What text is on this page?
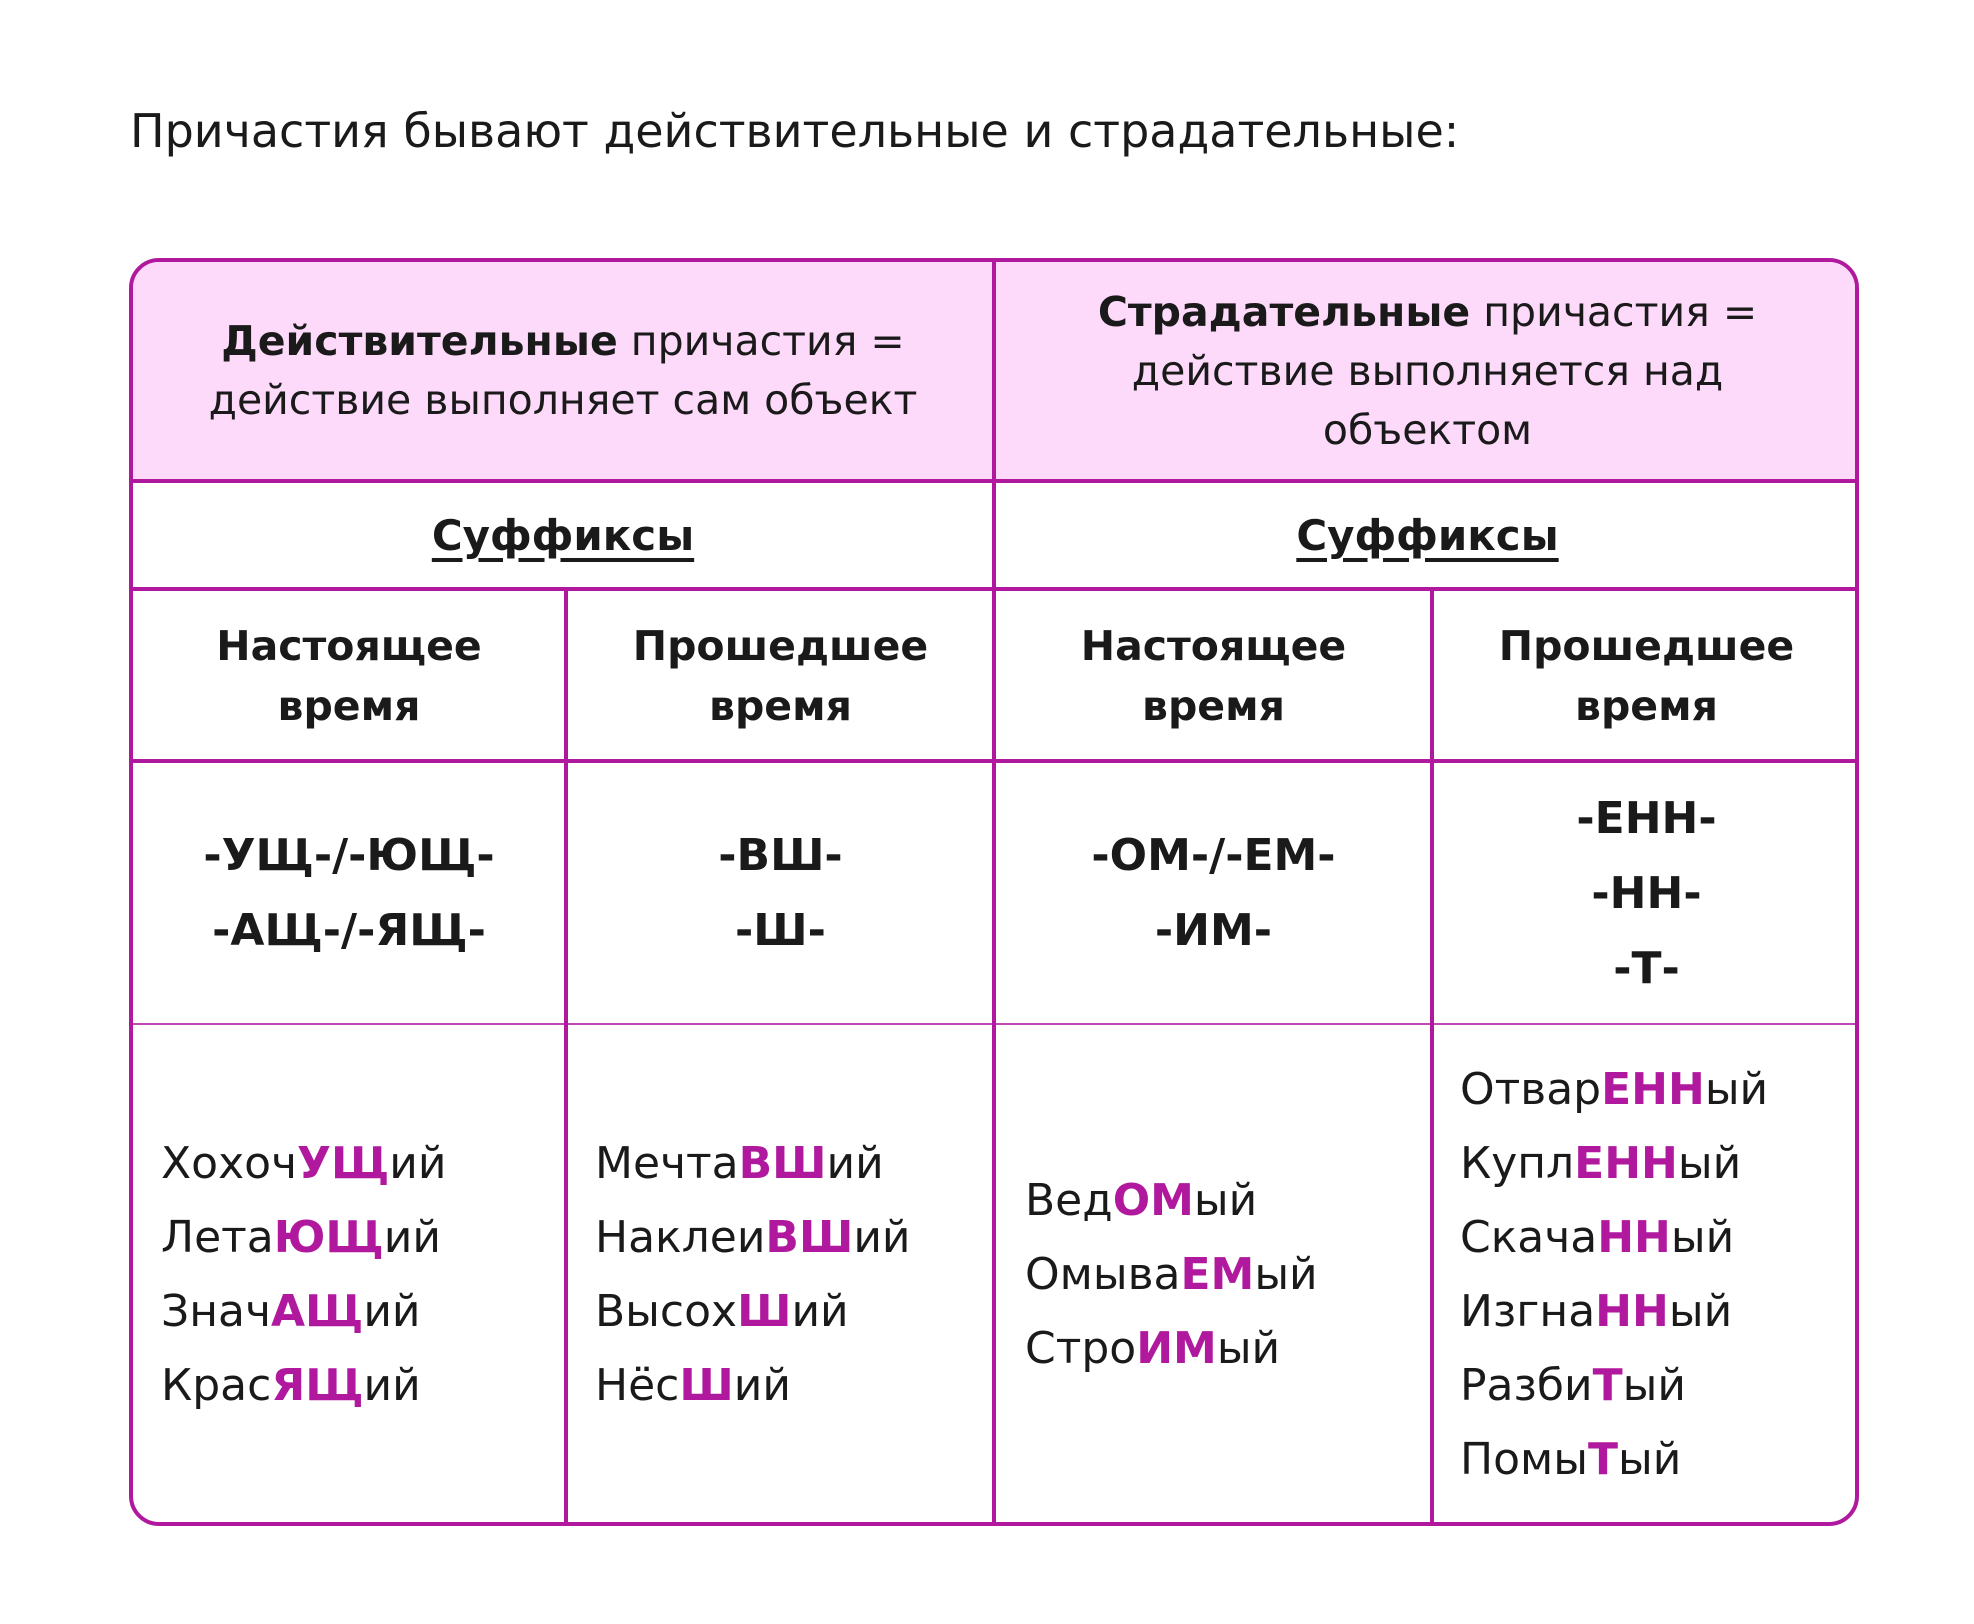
Причастия бывают действительные и страдательные:
Действительные причастия =
действие выполняет сам объект
Страдательные причастия =
действие выполняется над
объектом
Суффиксы	Суффиксы
Настоящее
время
Прошедшее
время
Настоящее
время
Прошедшее
время
-УЩ-/-ЮЩ-
-АЩ-/-ЯЩ-
-ВШ-
-Ш-
-ОМ-/-ЕМ-
-ИМ-
-ЕНН-
-НН-
-Т-
ХохочУЩий
ЛетаЮЩий
ЗначАЩий
КрасЯЩий
МечтаВШий
НаклеиВШий
ВысохШий
НёсШий
ВедОМый
ОмываЕМый
СтроИМый
ОтварЕННый
КуплЕННый
СкачаННый
ИзгнаННый
РазбиТый
ПомыТый
